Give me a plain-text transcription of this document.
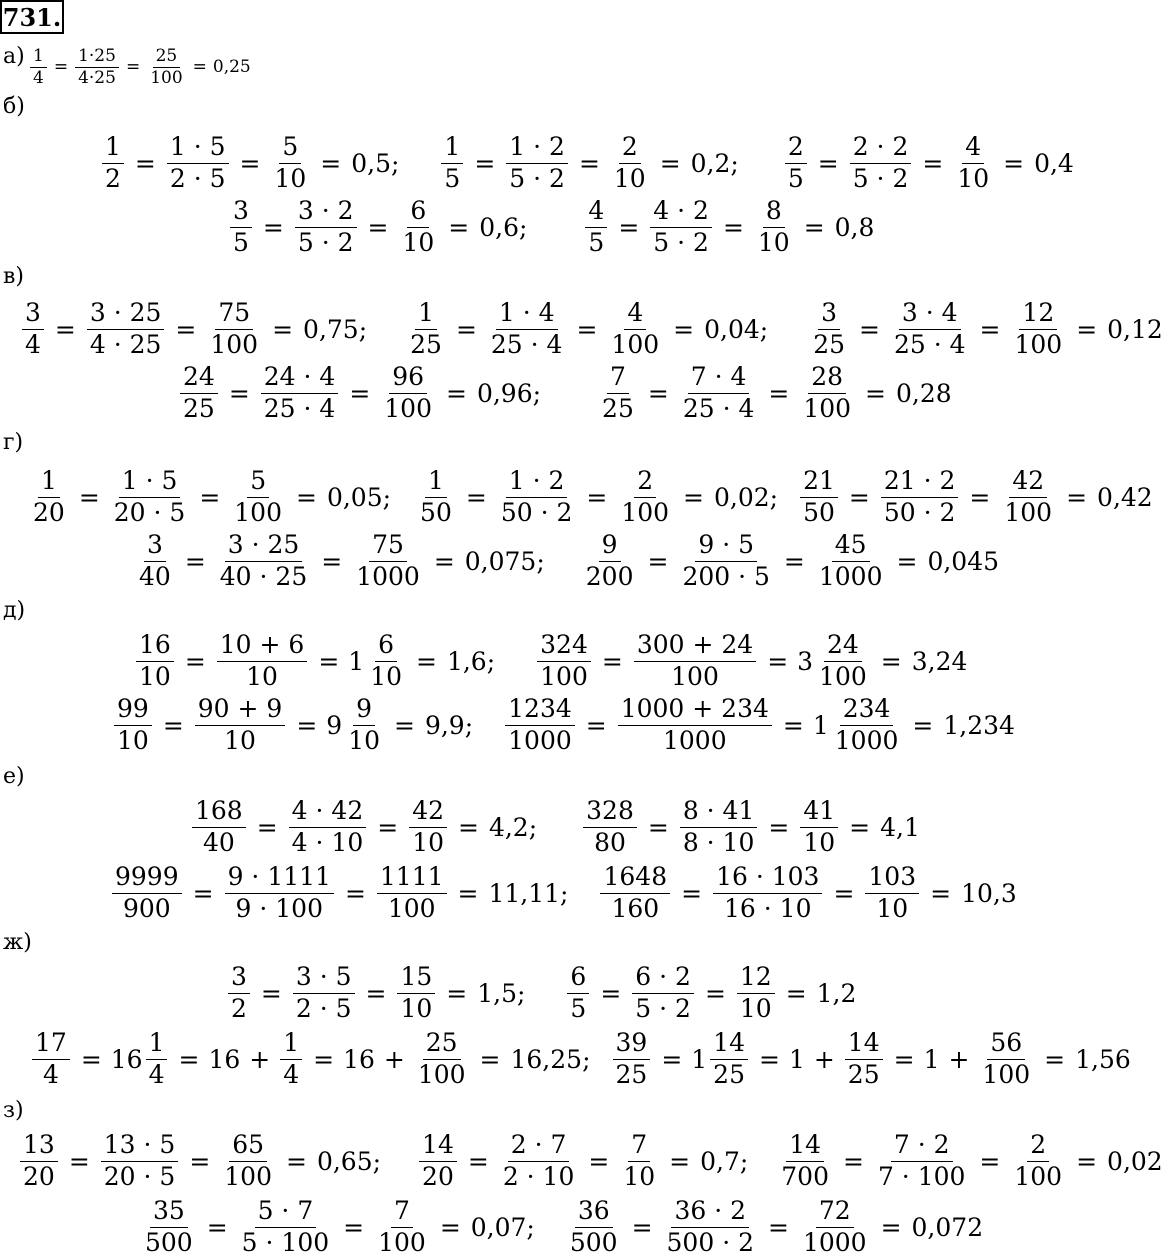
731.
$а) \frac{1}{4} = \frac{1\cdot 25}{4\cdot 25} = \frac{25}{100} = 0,25$
б)
$\frac{1}{2} = \frac{1 \cdot 5}{2 \cdot 5} = \frac{5}{10} = 0,5$; $\frac{1}{5} = \frac{1 \cdot 2}{5 \cdot 2} = \frac{2}{10} = 0,2$; $\frac{2}{5} = \frac{2 \cdot 2}{5 \cdot 2} = \frac{4}{10} = 0,4$
$\frac{3}{5} = \frac{3 \cdot 2}{5 \cdot 2} = \frac{6}{10} = 0,6$; $\frac{4}{5} = \frac{4 \cdot 2}{5 \cdot 2} = \frac{8}{10} = 0,8$
в)
$\frac{3}{4} = \frac{3 \cdot 25}{4 \cdot 25} = \frac{75}{100} = 0,75$; $\frac{1}{25} = \frac{1 \cdot 4}{25 \cdot 4} = \frac{4}{100} = 0,04$; $\frac{3}{25} = \frac{3 \cdot 4}{25 \cdot 4} = \frac{12}{100} = 0,12$
$\frac{24}{25} = \frac{24 \cdot 4}{25 \cdot 4} = \frac{96}{100} = 0,96$; $\frac{7}{25} = \frac{7 \cdot 4}{25 \cdot 4} = \frac{28}{100} = 0,28$
г)
$\frac{1}{20} = \frac{1 \cdot 5}{20 \cdot 5} = \frac{5}{100} = 0,05$; $\frac{1}{50} = \frac{1 \cdot 2}{50 \cdot 2} = \frac{2}{100} = 0,02$; $\frac{21}{50} = \frac{21 \cdot 2}{50 \cdot 2} = \frac{42}{100} = 0,42$
$\frac{3}{40} = \frac{3 \cdot 25}{40 \cdot 25} = \frac{75}{1000} = 0,075$; $\frac{9}{200} = \frac{9 \cdot 5}{200 \cdot 5} = \frac{45}{1000} = 0,045$
д)
$\frac{16}{10} = \frac{10 + 6}{10} = 1 \frac{6}{10} = 1,6$; $\frac{324}{100} = \frac{300 + 24}{100} = 3 \frac{24}{100} = 3,24$
$\frac{99}{10} = \frac{90 + 9}{10} = 9 \frac{9}{10} = 9,9$; $\frac{1234}{1000} = \frac{1000 + 234}{1000} = 1 \frac{234}{1000} = 1,234$
е)
$\frac{168}{40} = \frac{4 \cdot 42}{4 \cdot 10} = \frac{42}{10} = 4,2$; $\frac{328}{80} = \frac{8 \cdot 41}{8 \cdot 10} = \frac{41}{10} = 4,1$
$\frac{9999}{900} = \frac{9 \cdot 1111}{9 \cdot 100} = \frac{1111}{100} = 11,11$; $\frac{1648}{160} = \frac{16 \cdot 103}{16 \cdot 10} = \frac{103}{10} = 10,3$
ж)
$\frac{3}{2} = \frac{3 \cdot 5}{2 \cdot 5} = \frac{15}{10} = 1,5$; $\frac{6}{5} = \frac{6 \cdot 2}{5 \cdot 2} = \frac{12}{10} = 1,2$
$\frac{17}{4} = 16 \frac{1}{4} = 16 + \frac{1}{4} = 16 + \frac{25}{100} = 16,25$; $\frac{39}{25} = 1 \frac{14}{25} = 1 + \frac{14}{25} = 1 + \frac{56}{100} = 1,56$
з)
$\frac{13}{20} = \frac{13 \cdot 5}{20 \cdot 5} = \frac{65}{100} = 0,65$; $\frac{14}{20} = \frac{2 \cdot 7}{2 \cdot 10} = \frac{7}{10} = 0,7$; $\frac{14}{700} = \frac{7 \cdot 2}{7 \cdot 100} = \frac{2}{100} = 0,02$
$\frac{35}{500} = \frac{5 \cdot 7}{5 \cdot 100} = \frac{7}{100} = 0,07$; $\frac{36}{500} = \frac{36 \cdot 2}{500 \cdot 2} = \frac{72}{1000} = 0,072$
